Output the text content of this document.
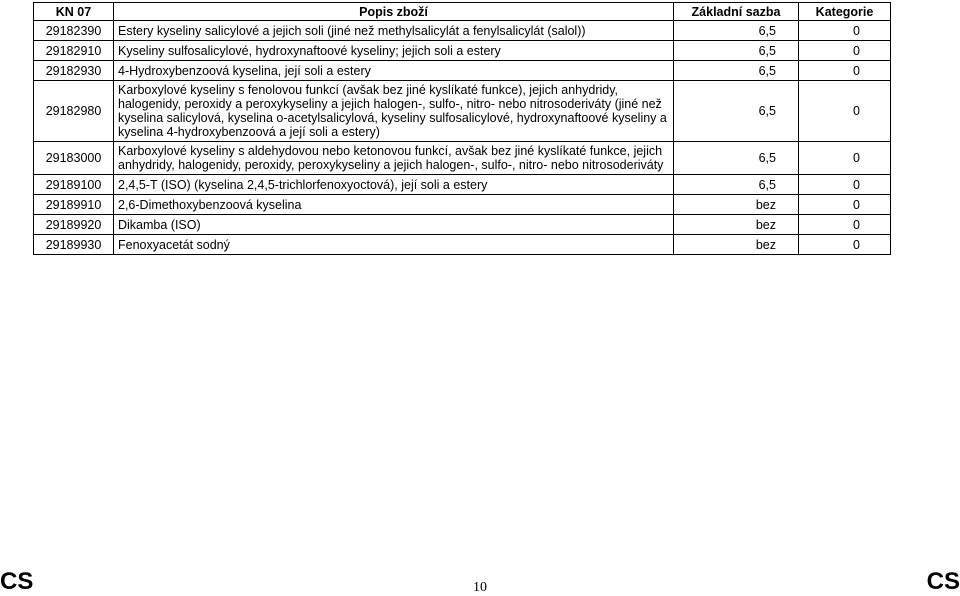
KN 07	Popis zboží	Základní sazba	Kategorie
29182390	Estery kyseliny salicylové a jejich soli (jiné než methylsalicylát a fenylsalicylát (salol))	6,5	0
29182910	Kyseliny sulfosalicylové, hydroxynaftoové kyseliny; jejich soli a estery	6,5	0
29182930	4-Hydroxybenzoová kyselina, její soli a estery	6,5	0
29182980	Karboxylové kyseliny s fenolovou funkcí (avšak bez jiné kyslíkaté funkce), jejich anhydridy, halogenidy, peroxidy a peroxykyseliny a jejich halogen-, sulfo-, nitro- nebo nitrosoderiváty (jiné než kyselina salicylová, kyselina o-acetylsalicylová, kyseliny sulfosalicylové, hydroxynaftoové kyseliny a kyselina 4-hydroxybenzoová a její soli a estery)	6,5	0
29183000	Karboxylové kyseliny s aldehydovou nebo ketonovou funkcí, avšak bez jiné kyslíkaté funkce, jejich anhydridy, halogenidy, peroxidy, peroxykyseliny a jejich halogen-, sulfo-, nitro- nebo nitrosoderiváty	6,5	0
29189100	2,4,5-T (ISO) (kyselina 2,4,5-trichlorfenoxyoctová), její soli a estery	6,5	0
29189910	2,6-Dimethoxybenzoová kyselina	bez	0
29189920	Dikamba (ISO)	bez	0
29189930	Fenoxyacetát sodný	bez	0
CS	10	CS
